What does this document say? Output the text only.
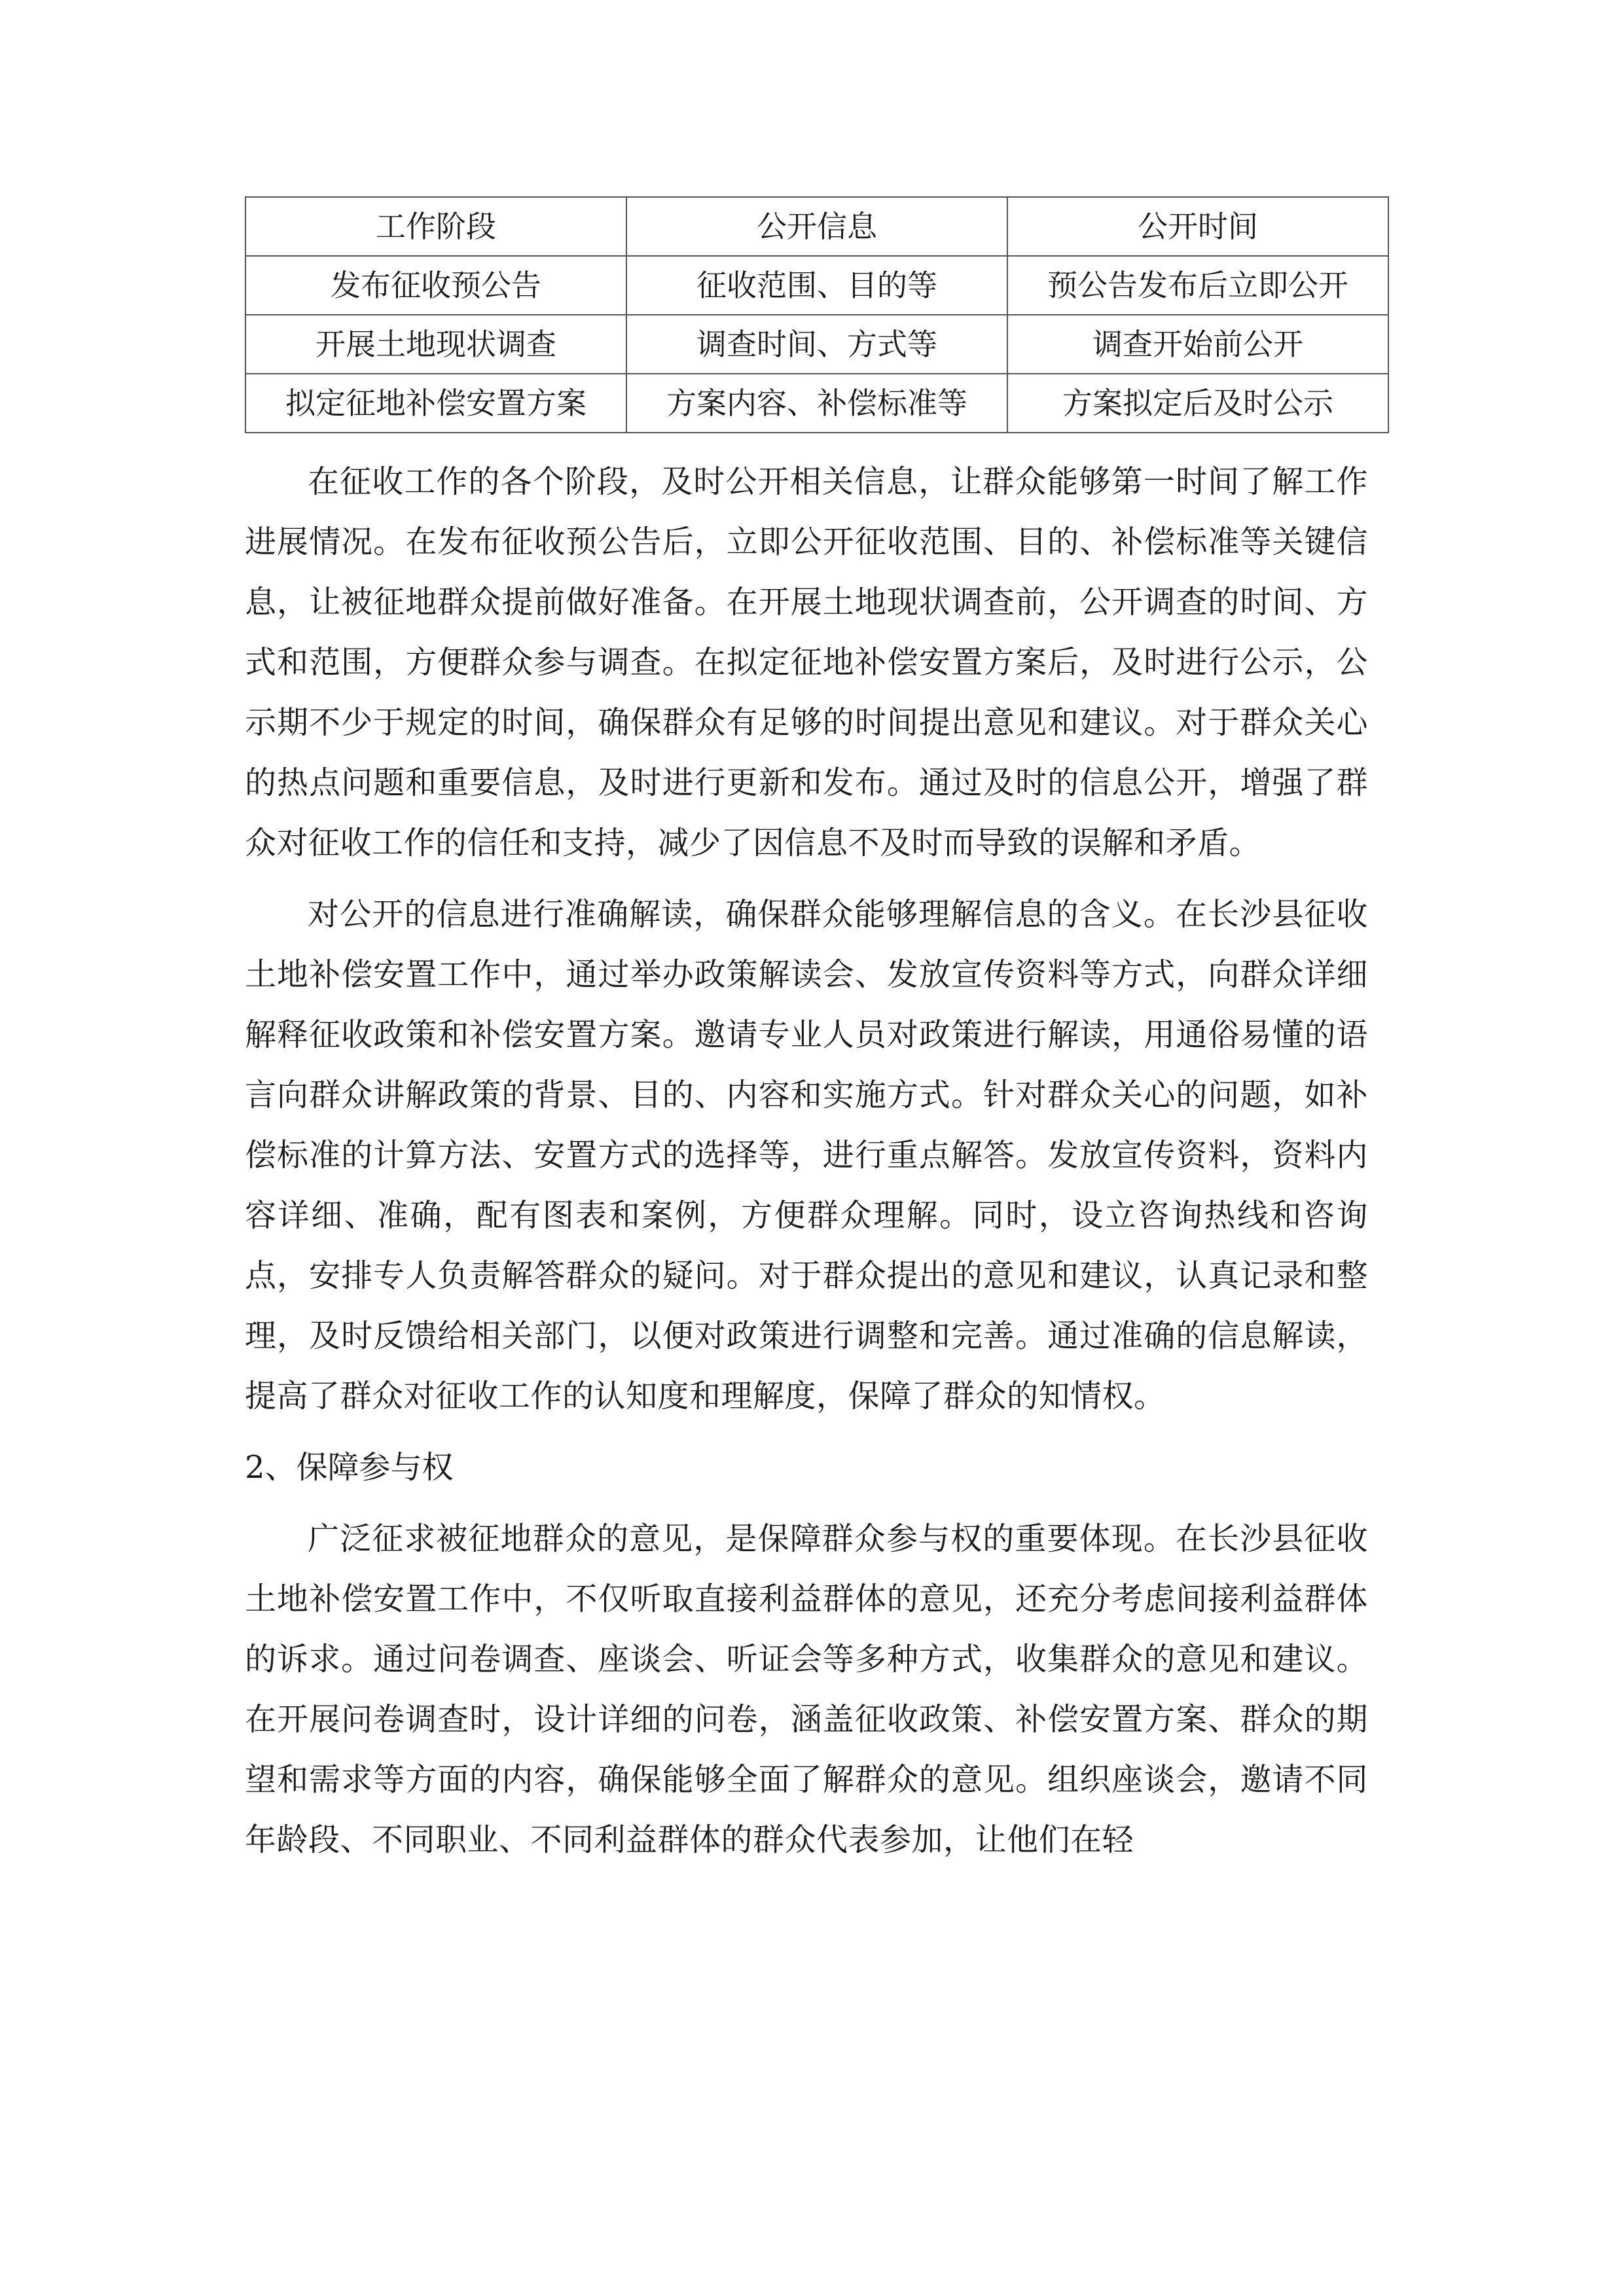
工作阶段	公开信息	公开时间
发布征收预公告	征收范围、目的等	预公告发布后立即公开
开展土地现状调查	调查时间、方式等	调查开始前公开
拟定征地补偿安置方案	方案内容、补偿标准等	方案拟定后及时公示

在征收工作的各个阶段，及时公开相关信息，让群众能够第一时间了解工作进展情况。在发布征收预公告后，立即公开征收范围、目的、补偿标准等关键信息，让被征地群众提前做好准备。在开展土地现状调查前，公开调查的时间、方式和范围，方便群众参与调查。在拟定征地补偿安置方案后，及时进行公示，公示期不少于规定的时间，确保群众有足够的时间提出意见和建议。对于群众关心的热点问题和重要信息，及时进行更新和发布。通过及时的信息公开，增强了群众对征收工作的信任和支持，减少了因信息不及时而导致的误解和矛盾。

对公开的信息进行准确解读，确保群众能够理解信息的含义。在长沙县征收土地补偿安置工作中，通过举办政策解读会、发放宣传资料等方式，向群众详细解释征收政策和补偿安置方案。邀请专业人员对政策进行解读，用通俗易懂的语言向群众讲解政策的背景、目的、内容和实施方式。针对群众关心的问题，如补偿标准的计算方法、安置方式的选择等，进行重点解答。发放宣传资料，资料内容详细、准确，配有图表和案例，方便群众理解。同时，设立咨询热线和咨询点，安排专人负责解答群众的疑问。对于群众提出的意见和建议，认真记录和整理，及时反馈给相关部门，以便对政策进行调整和完善。通过准确的信息解读，提高了群众对征收工作的认知度和理解度，保障了群众的知情权。

2、保障参与权

广泛征求被征地群众的意见，是保障群众参与权的重要体现。在长沙县征收土地补偿安置工作中，不仅听取直接利益群体的意见，还充分考虑间接利益群体的诉求。通过问卷调查、座谈会、听证会等多种方式，收集群众的意见和建议。在开展问卷调查时，设计详细的问卷，涵盖征收政策、补偿安置方案、群众的期望和需求等方面的内容，确保能够全面了解群众的意见。组织座谈会，邀请不同年龄段、不同职业、不同利益群体的群众代表参加，让他们在轻
